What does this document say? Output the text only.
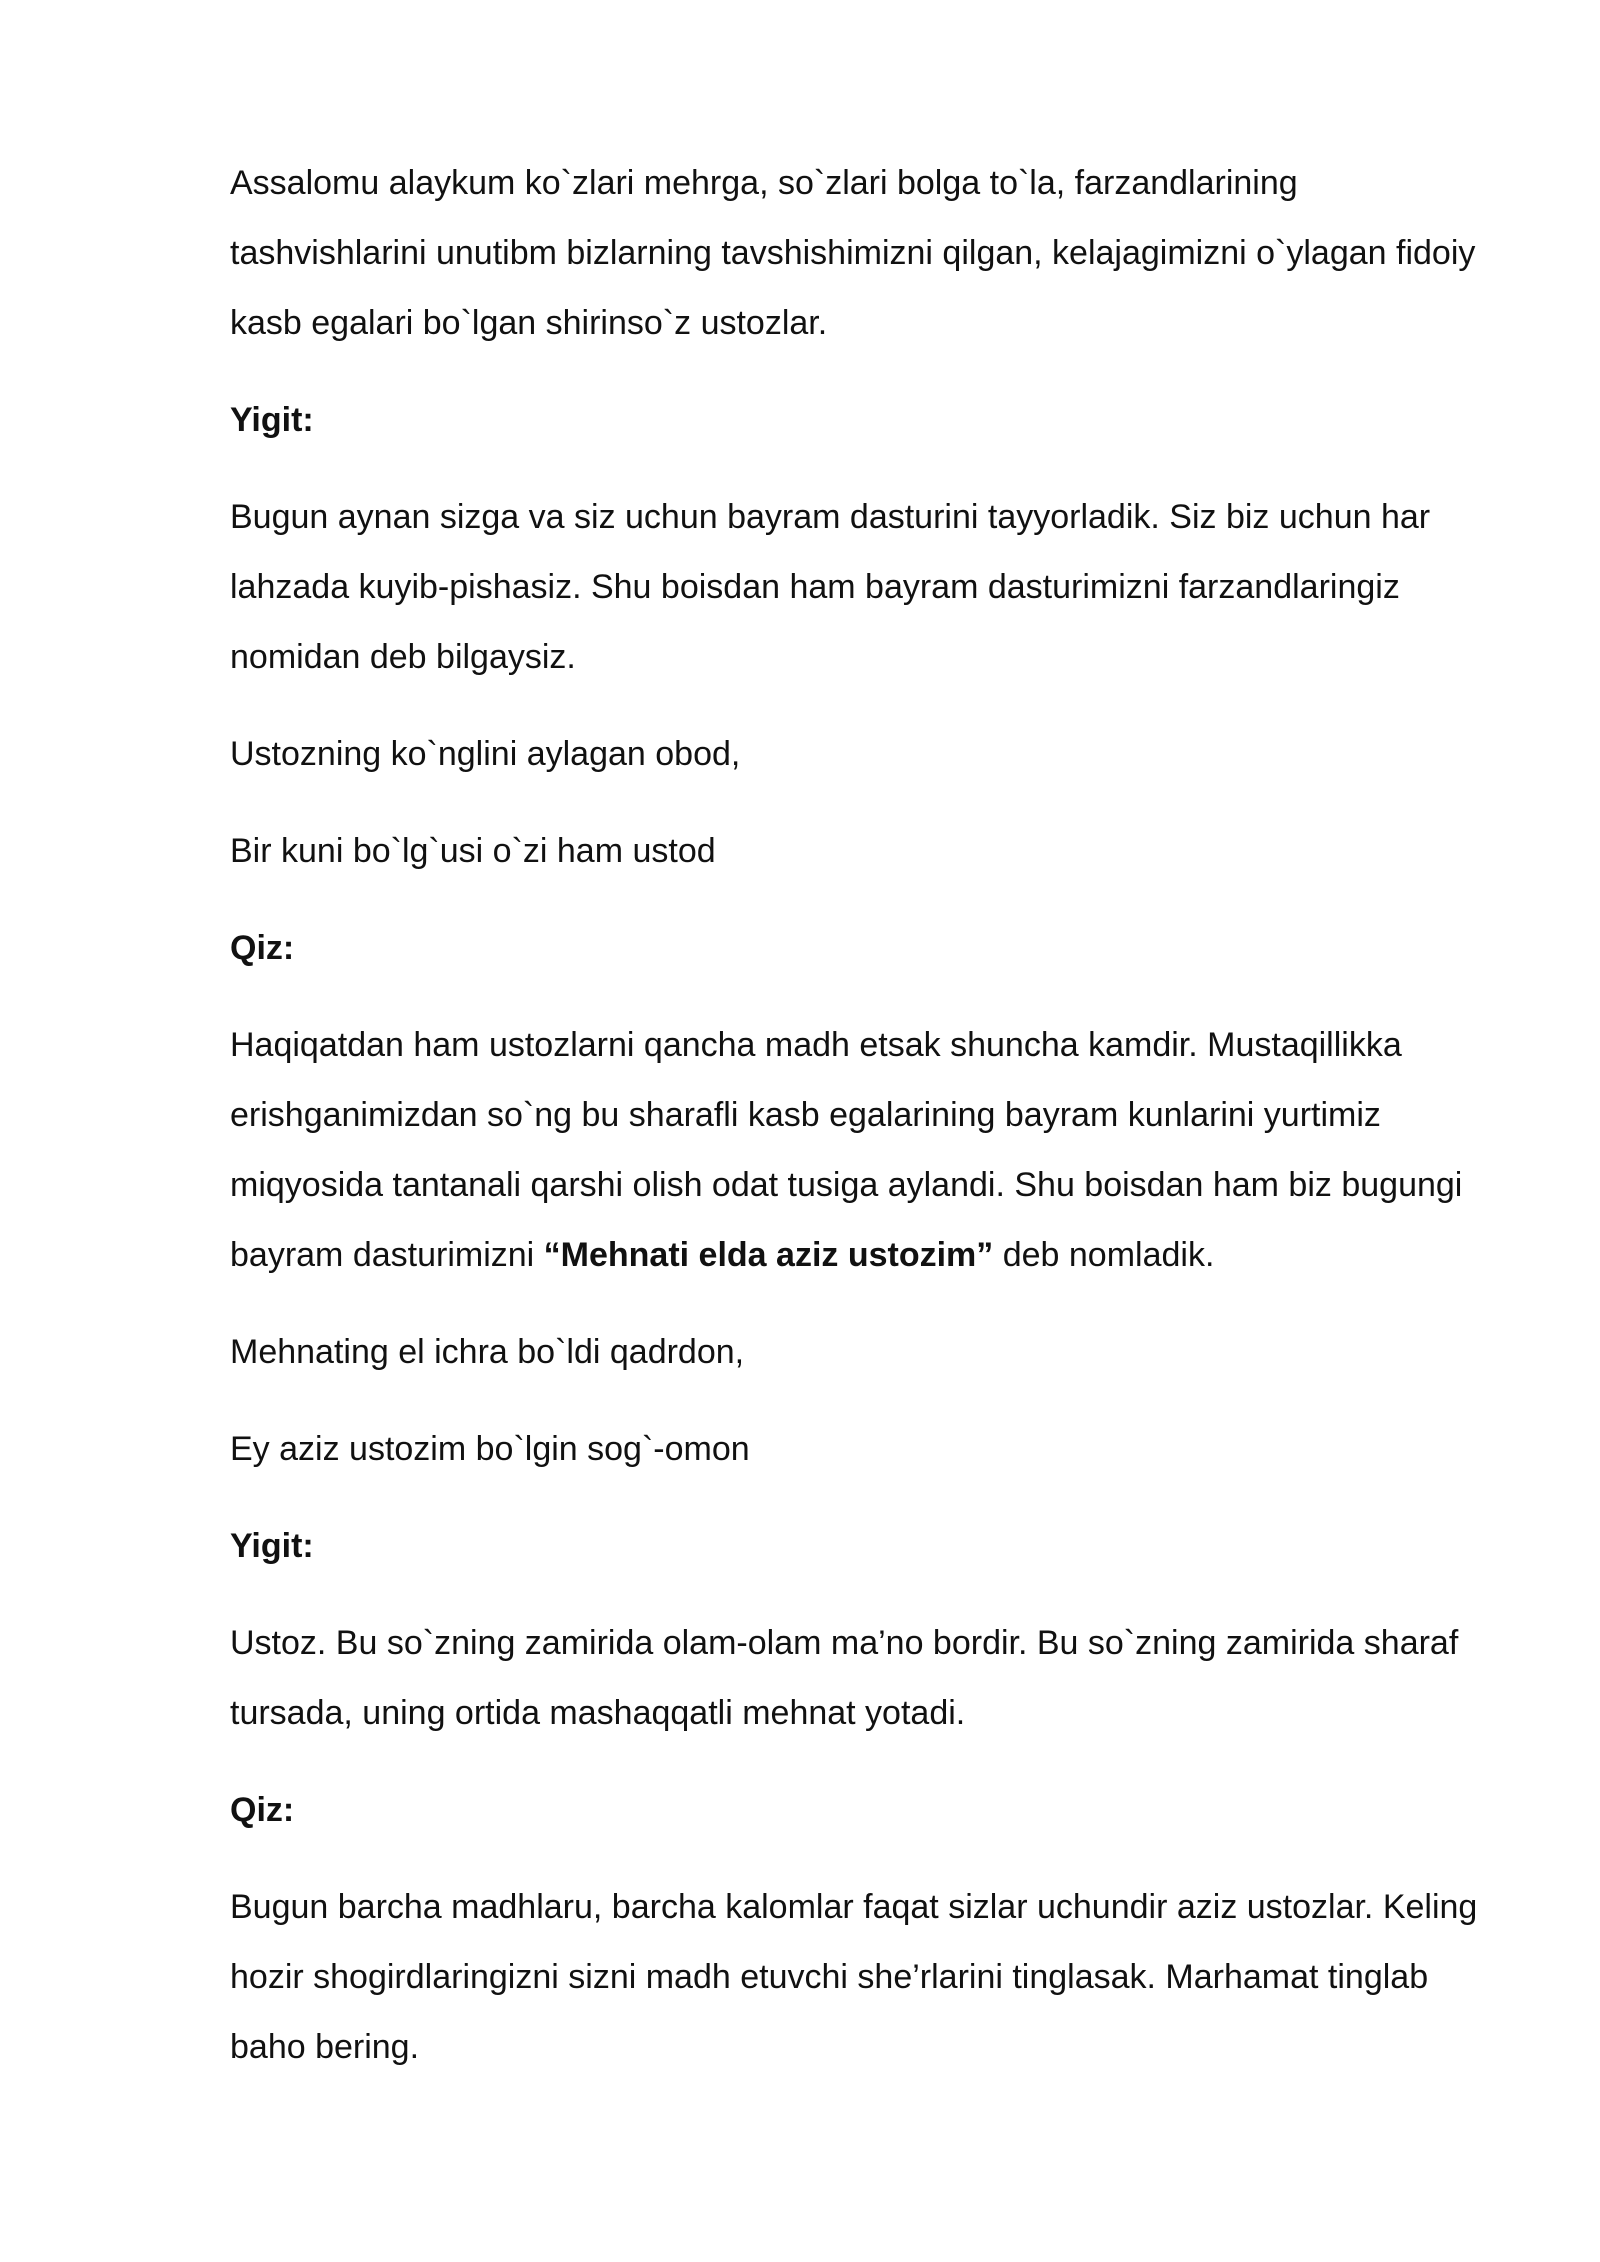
Assalomu alaykum ko`zlari mehrga, so`zlari bolga to`la, farzandlarining tashvishlarini unutibm bizlarning tavshishimizni qilgan, kelajagimizni o`ylagan fidoiy kasb egalari bo`lgan shirinso`z ustozlar.

Yigit:

Bugun aynan sizga va siz uchun bayram dasturini tayyorladik. Siz biz uchun har lahzada kuyib-pishasiz. Shu boisdan ham bayram dasturimizni farzandlaringiz nomidan deb bilgaysiz.

Ustozning ko`nglini aylagan obod,

Bir kuni bo`lg`usi o`zi ham ustod

Qiz:

Haqiqatdan ham ustozlarni qancha madh etsak shuncha kamdir. Mustaqillikka erishganimizdan so`ng bu sharafli kasb egalarining bayram kunlarini yurtimiz miqyosida tantanali qarshi olish odat tusiga aylandi. Shu boisdan ham biz bugungi bayram dasturimizni “Mehnati elda aziz ustozim” deb nomladik.

Mehnating el ichra bo`ldi qadrdon,

Ey aziz ustozim bo`lgin sog`-omon

Yigit:

Ustoz. Bu so`zning zamirida olam-olam ma’no bordir. Bu so`zning zamirida sharaf tursada, uning ortida mashaqqatli mehnat yotadi.

Qiz:

Bugun barcha madhlaru, barcha kalomlar faqat sizlar uchundir aziz ustozlar. Keling hozir shogirdlaringizni sizni madh etuvchi she’rlarini tinglasak. Marhamat tinglab baho bering.
